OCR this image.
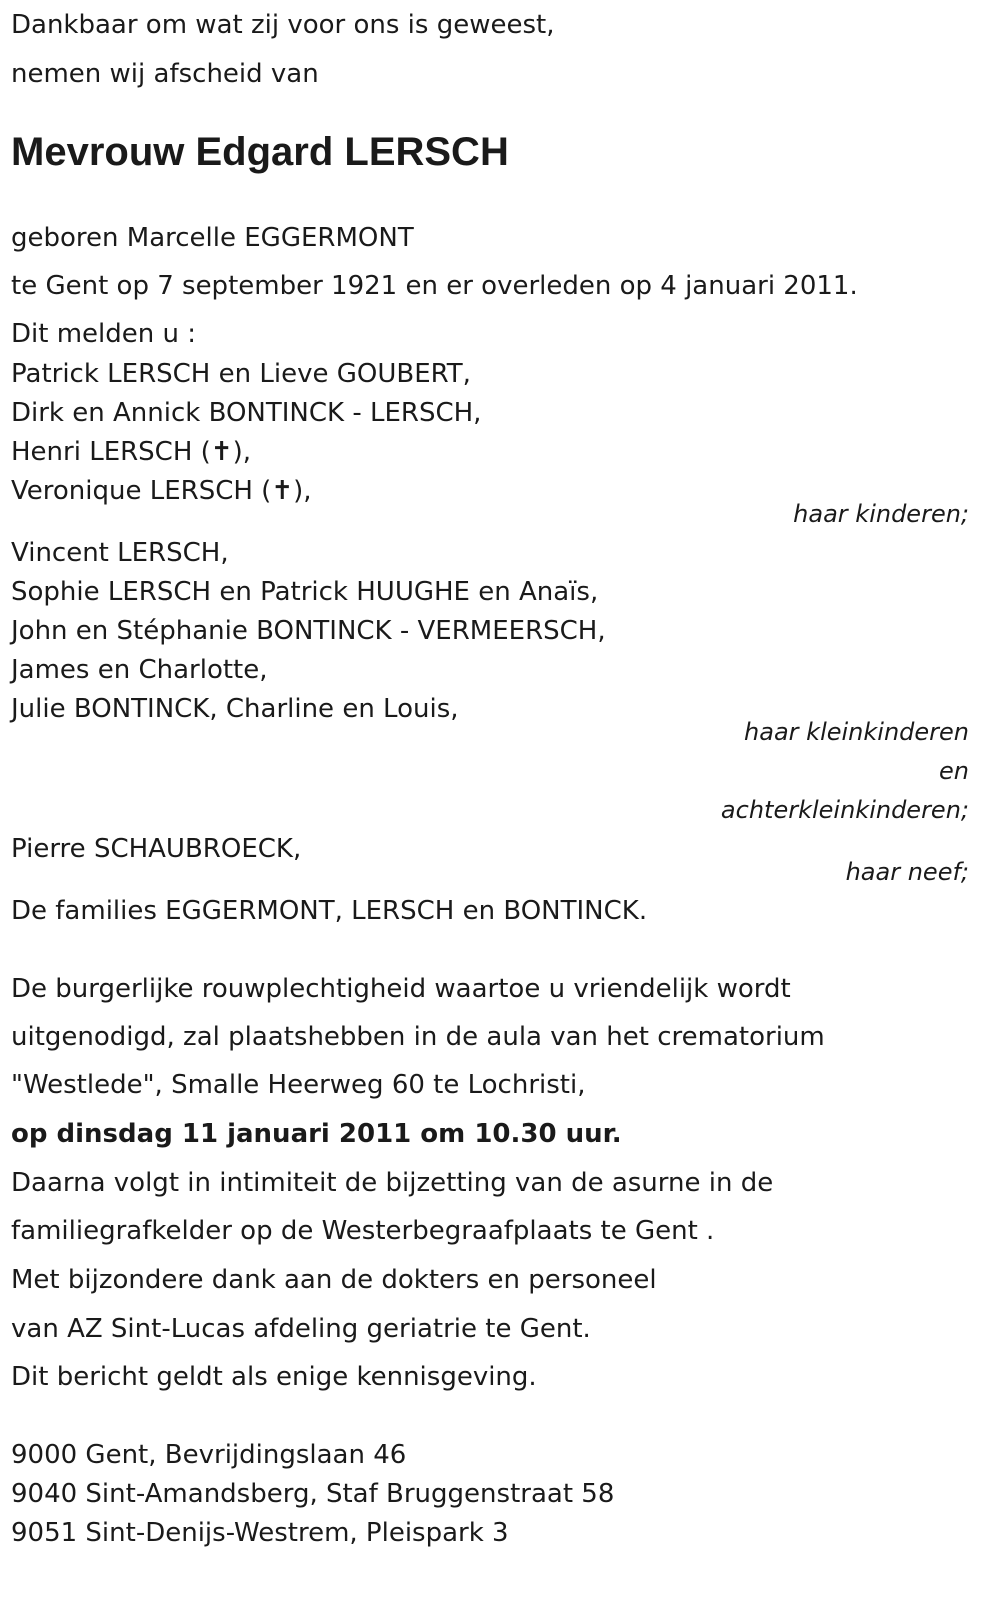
Dankbaar om wat zij voor ons is geweest,
nemen wij afscheid van
Mevrouw Edgard LERSCH
geboren Marcelle EGGERMONT
te Gent op 7 september 1921 en er overleden op 4 januari 2011.
Dit melden u :
Patrick LERSCH en Lieve GOUBERT,
Dirk en Annick BONTINCK - LERSCH,
Henri LERSCH (✝),
Veronique LERSCH (✝),
haar kinderen;
Vincent LERSCH,
Sophie LERSCH en Patrick HUUGHE en Anaïs,
John en Stéphanie BONTINCK - VERMEERSCH,
James en Charlotte,
Julie BONTINCK, Charline en Louis,
haar kleinkinderen
en
achterkleinkinderen;
Pierre SCHAUBROECK,
haar neef;
De families EGGERMONT, LERSCH en BONTINCK.
De burgerlijke rouwplechtigheid waartoe u vriendelijk wordt
uitgenodigd, zal plaatshebben in de aula van het crematorium
"Westlede", Smalle Heerweg 60 te Lochristi,
op dinsdag 11 januari 2011 om 10.30 uur.
Daarna volgt in intimiteit de bijzetting van de asurne in de
familiegrafkelder op de Westerbegraafplaats te Gent .
Met bijzondere dank aan de dokters en personeel
van AZ Sint-Lucas afdeling geriatrie te Gent.
Dit bericht geldt als enige kennisgeving.
9000 Gent, Bevrijdingslaan 46
9040 Sint-Amandsberg, Staf Bruggenstraat 58
9051 Sint-Denijs-Westrem, Pleispark 3
